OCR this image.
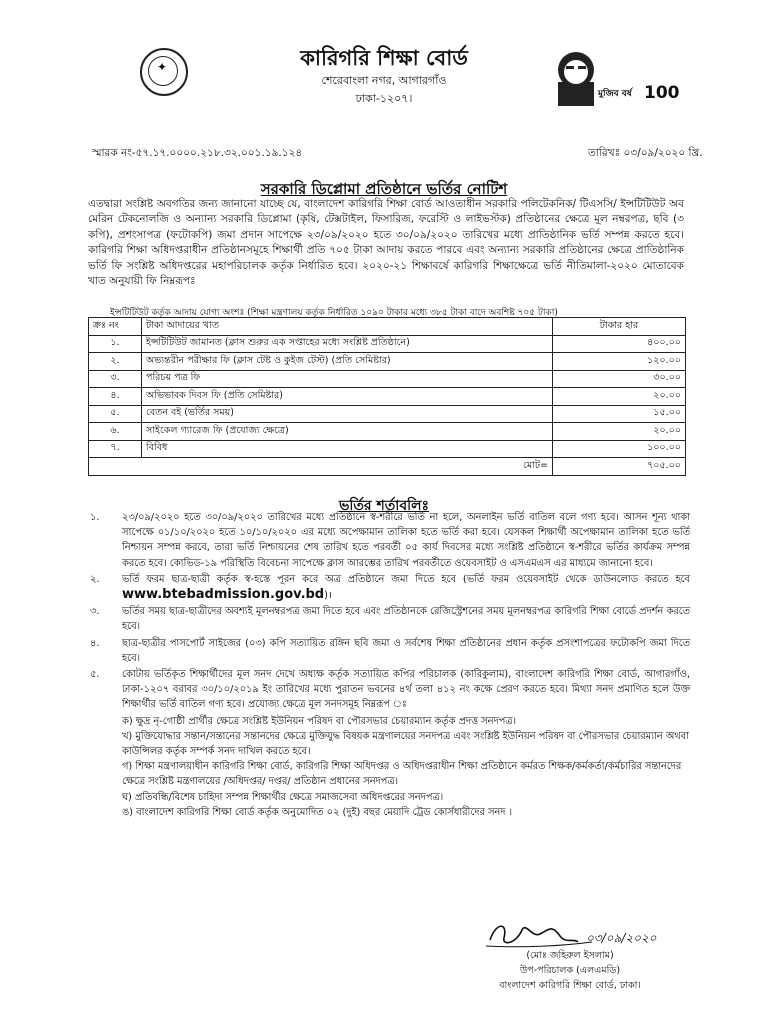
✦	কারিগরি শিক্ষা বোর্ড
শেরেবাংলা নগর, আগারগাঁও
ঢাকা-১২০৭।	মুজিব বর্ষ 100
স্মারক নং-৫৭.১৭.০০০০.২১৮.৩২.০০১.১৯.১২৪	তারিখঃ ০৩/০৯/২০২০ খ্রি.
সরকারি ডিপ্লোমা প্রতিষ্ঠানে ভর্তির নোটিশ
এতদ্বারা সংশ্লিষ্ট অবগতির জন্য জানানো যাচ্ছে যে, বাংলাদেশ কারিগরি শিক্ষা বোর্ড আওতাধীন সরকারি পলিটেকনিক/ টিএসসি/ ইন্সটিটিউট অব মেরিন টেকনোলজি ও অন্যান্য সরকারি ডিপ্লোমা (কৃষি, টেক্সটাইল, ফিসারিজ, ফরেস্টি ও লাইভস্টক) প্রতিষ্ঠানের ক্ষেত্রে মূল নম্বরপত্র, ছবি (৩ কপি), প্রশংসাপত্র (ফটোকপি) জমা প্রদান সাপেক্ষে ২৩/০৯/২০২০ হতে ৩০/০৯/২০২০ তারিখের মধ্যে প্রাতিষ্ঠানিক ভর্তি সম্পন্ন করতে হবে। কারিগরি শিক্ষা অধিদপ্তরাধীন প্রতিষ্ঠানসমূহে শিক্ষার্থী প্রতি ৭০৫ টাকা আদায় করতে পারবে এবং অন্যান্য সরকারি প্রতিষ্ঠানের ক্ষেত্রে প্রাতিষ্ঠানিক ভর্তি ফি সংশ্লিষ্ট অধিদপ্তরের মহাপরিচালক কর্তৃক নির্ধারিত হবে। ২০২০-২১ শিক্ষাবর্ষে কারিগরি শিক্ষাক্ষেত্রে ভর্তি নীতিমালা-২০২০ মোতাবেক খাত অনুযায়ী ফি নিম্নরূপঃ
ইন্সটিটিউট কর্তৃক আদায় যোগ্য অংশঃ (শিক্ষা মন্ত্রণালয় কর্তৃক নির্ধারিত ১০৯০ টাকার মধ্যে ৩৮৫ টাকা বাদে অবশিষ্ট ৭০৫ টাকা)
ক্রঃ নং	টাকা আদায়ের খাত	টাকার হার
১.	ইন্সটিটিউট জামানত (ক্লাস শুরুর এক সপ্তাহের মধ্যে সংশ্লিষ্ট প্রতিষ্ঠানে)	৪০০.০০
২.	অভ্যন্তরীন পরীক্ষার ফি (ক্লাস টেষ্ট ও কুইজ টেস্ট) (প্রতি সেমিষ্টার)	১২০.০০
৩.	পরিচয় পত্র ফি	৩০.০০
৪.	অভিভাবক দিবস ফি (প্রতি সেমিষ্টার)	২০.০০
৫.	বেতন বই (ভর্তির সময়)	১৫.০০
৬.	সাইকেল গ্যারেজ ফি (প্রযোজ্য ক্ষেত্রে)	২০.০০
৭.	বিবিধ	১০০.০০
মোট=		৭০৫.০০
ভর্তির শর্তাবলিঃ
১.	২৩/০৯/২০২০ হতে ৩০/০৯/২০২০ তারিখের মধ্যে প্রতিষ্ঠানে স্ব-শরীরে ভর্তি না হলে, অনলাইন ভর্তি বাতিল বলে গণ্য হবে। আসন শূন্য থাকা সাপেক্ষে ০১/১০/২০২০ হতে ১০/১০/২০২০ এর মধ্যে অপেক্ষামান তালিকা হতে ভর্তি করা হবে। যেসকল শিক্ষার্থী অপেক্ষামান তালিকা হতে ভর্তি নিশ্চায়ন সম্পন্ন করবে, তারা ভর্তি নিশ্চায়নের শেষ তারিখ হতে পরবর্তী ০৫ কার্য দিবসের মধ্যে সংশ্লিষ্ট প্রতিষ্ঠানে স্ব-শরীরে ভর্তির কার্যক্রম সম্পন্ন করতে হবে। কোভিড-১৯ পরিস্থিতি বিবেচনা সাপেক্ষে ক্লাস আরম্ভের তারিখ পরবর্তীতে ওয়েবসাইট ও এসএমএস এর মাধ্যমে জানানো হবে।
২.	ভর্তি ফরম ছাত্র-ছাত্রী কর্তৃক স্ব-হস্তে পূরন করে অত্র প্রতিষ্ঠানে জমা দিতে হবে (ভর্তি ফরম ওয়েবসাইট থেকে ডাউনলোড করতে হবে www.btebadmission.gov.bd)।
৩.	ভর্তির সময় ছাত্র-ছাত্রীদের অবশ্যই মূলনম্বরপত্র জমা দিতে হবে এবং প্রতিষ্ঠানকে রেজিস্ট্রেশনের সময় মূলনম্বরপত্র কারিগরি শিক্ষা বোর্ডে প্রদর্শন করতে হবে।
৪.	ছাত্র-ছাত্রীর পাসপোর্ট সাইজের (০৩) কপি সত্যায়িত রঙ্গিন ছবি জমা ও সর্বশেষ শিক্ষা প্রতিষ্ঠানের প্রধান কর্তৃক প্রসংশাপত্রের ফটোকপি জমা দিতে হবে।
৫.	কোটায় ভর্তিকৃত শিক্ষার্থীদের মূল সনদ দেখে অধ্যক্ষ কর্তৃক সত্যায়িত কপির পরিচালক (কারিকুলাম), বাংলাদেশ কারিগরি শিক্ষা বোর্ড, আগারগাঁও, ঢাকা-১২০৭ বরাবর ৩০/১০/২০১৯ ইং তারিখের মধ্যে পুরাতন ভবনের ৪র্থ তলা ৪১২ নং কক্ষে প্রেরণ করতে হবে। মিথ্যা সনদ প্রমাণিত হলে উক্ত শিক্ষার্থীর ভর্তি বাতিল গণ্য হবে। প্রযোজ্য ক্ষেত্রে মূল সনদসমূহ নিম্নরূপ ঃ
ক) ক্ষুদ্র নৃ-গোষ্ঠী প্রার্থীর ক্ষেত্রে সংশ্লিষ্ট ইউনিয়ন পরিষদ বা পৌরসভার চেয়ারম্যান কর্তৃক প্রদত্ত সনদপত্র।
খ) মুক্তিযোদ্ধার সন্তান/সন্তানের সন্তানদের ক্ষেত্রে মুক্তিযুদ্ধ বিষয়ক মন্ত্রণালয়ের সনদপত্র এবং সংশ্লিষ্ট ইউনিয়ন পরিষদ বা পৌরসভার চেয়ারম্যান অথবা কাউন্সিলর কর্তৃক সম্পর্ক সনদ দাখিল করতে হবে।
গ) শিক্ষা মন্ত্রণালয়াধীন কারিগরি শিক্ষা বোর্ড, কারিগরি শিক্ষা অধিদপ্তর ও অধিদপ্তরাধীন শিক্ষা প্রতিষ্ঠানে কর্মরত শিক্ষক/কর্মকর্তা/কর্মচারির সন্তানদের ক্ষেত্রে সংশ্লিষ্ট মন্ত্রণালয়ের /অধিদপ্তর/ দপ্তর/ প্রতিষ্ঠান প্রধানের সনদপত্র।
ঘ) প্রতিবন্ধি/বিশেষ চাহিদা সম্পন্ন শিক্ষার্থীর ক্ষেত্রে সমাজসেবা অধিদপ্তরের সনদপত্র।
ঙ) বাংলাদেশ কারিগরি শিক্ষা বোর্ড কর্তৃক অনুমোদিত ০২ (দুই) বছর মেয়াদি ট্রেড কোর্সধারীদের সনদ ।
০৩/০৯/২০২০
(মোঃ জহিরুল ইসলাম)
উপ-পরিচালক (এলএমডি)
বাংলাদেশ কারিগরি শিক্ষা বোর্ড, ঢাকা।
